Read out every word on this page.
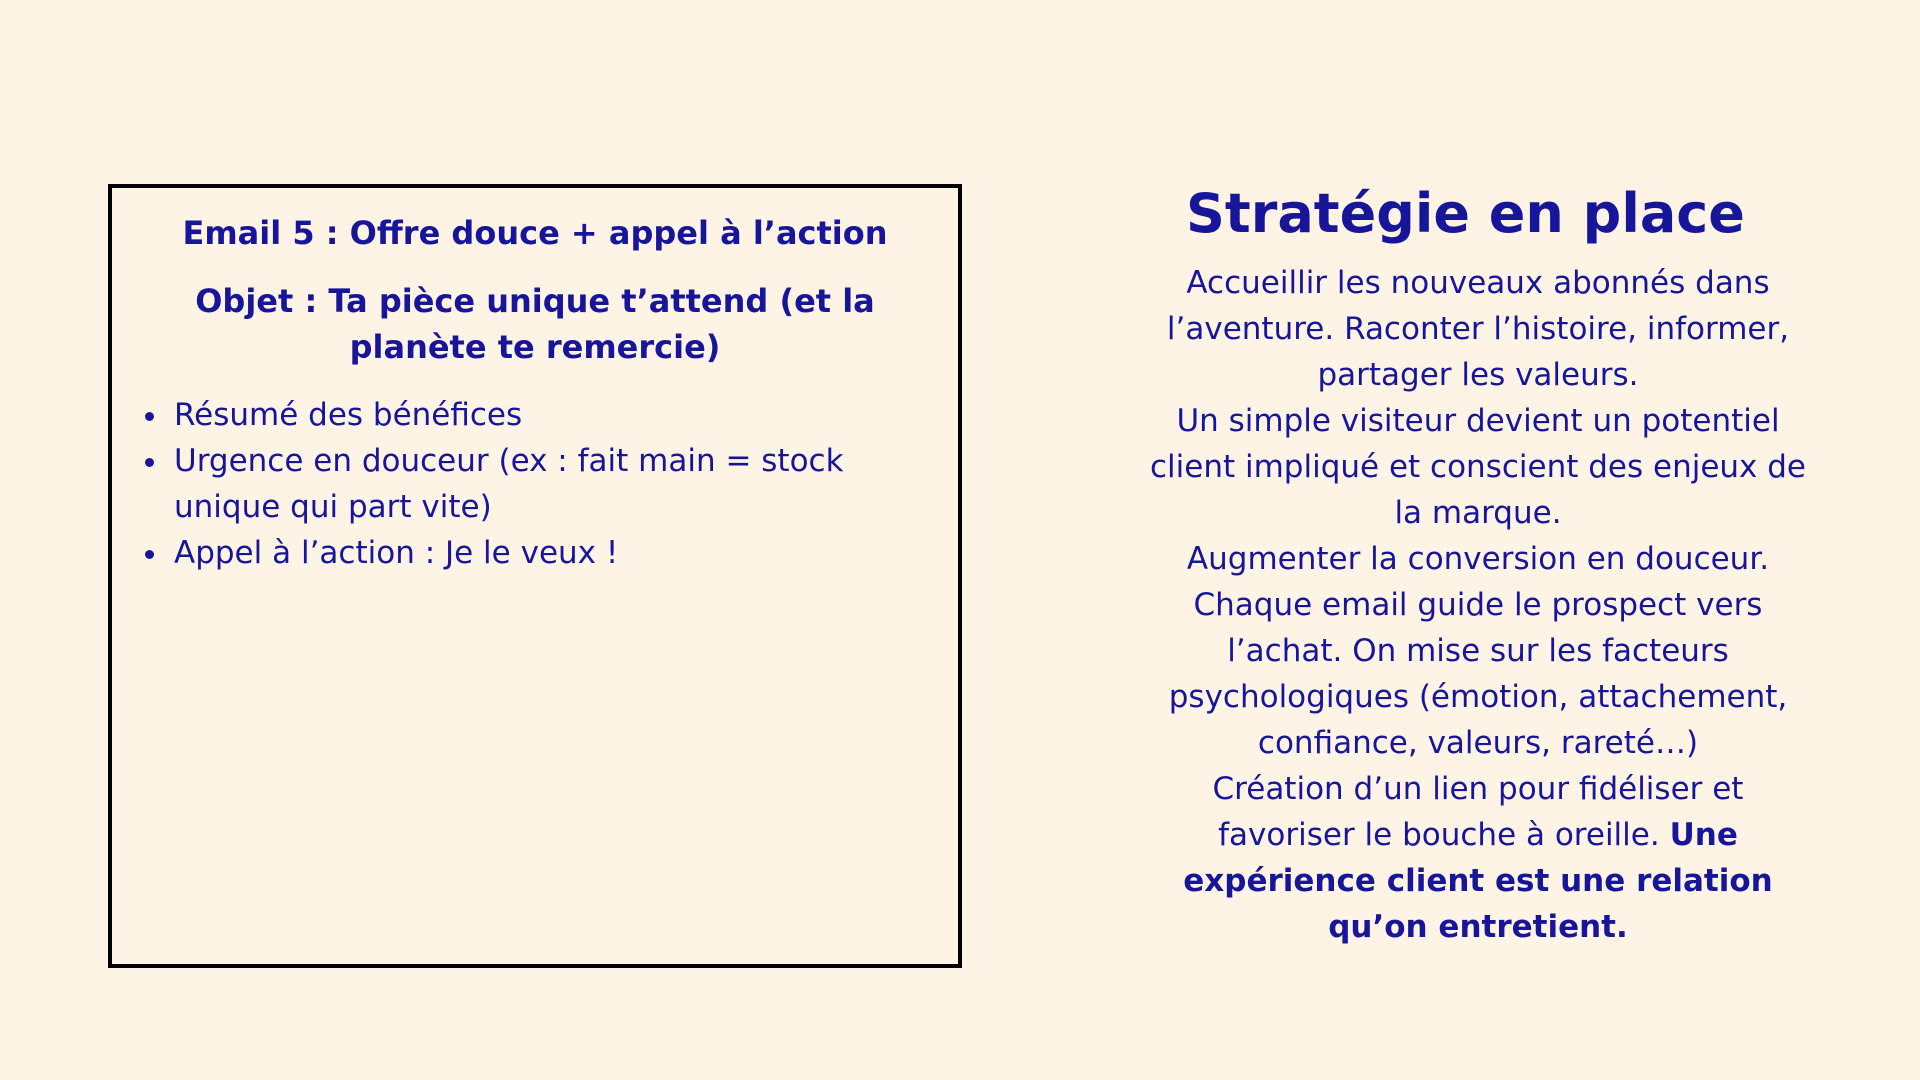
Email 5 : Offre douce + appel à l’action
Objet : Ta pièce unique t’attend (et la planète te remercie)
• Résumé des bénéfices
• Urgence en douceur (ex : fait main = stock unique qui part vite)
• Appel à l’action : Je le veux !
Stratégie en place

Accueillir les nouveaux abonnés dans l’aventure. Raconter l’histoire, informer, partager les valeurs.

Un simple visiteur devient un potentiel client impliqué et conscient des enjeux de la marque.

Augmenter la conversion en douceur. Chaque email guide le prospect vers l’achat. On mise sur les facteurs psychologiques (émotion, attachement, confiance, valeurs, rareté…)

Création d’un lien pour fidéliser et favoriser le bouche à oreille. Une expérience client est une relation qu’on entretient.
